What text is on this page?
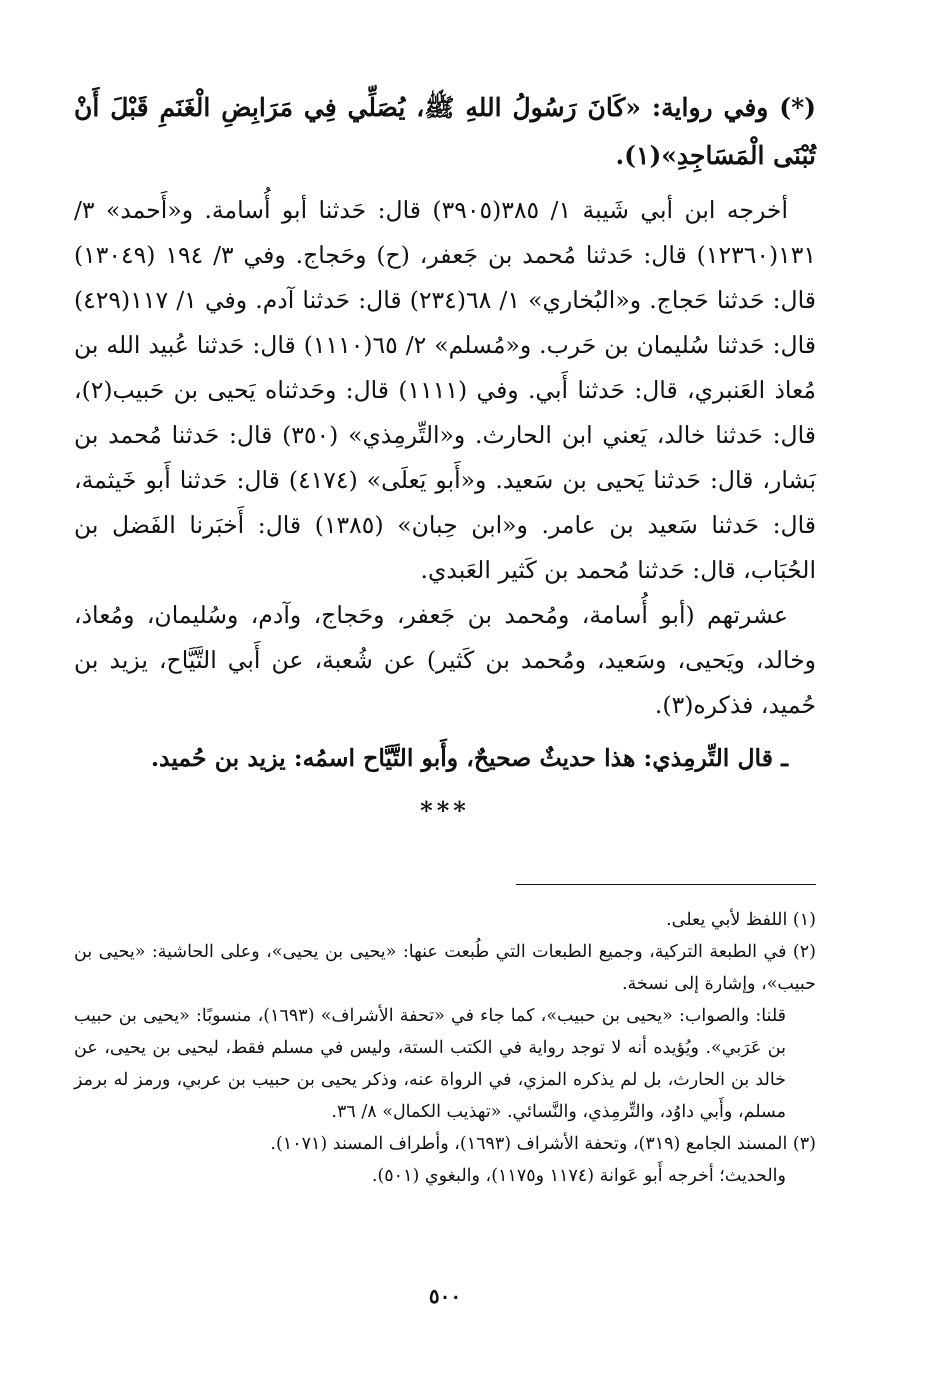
(*) وفي رواية: «كَانَ رَسُولُ اللهِ ﷺ، يُصَلِّي فِي مَرَابِضِ الْغَنَمِ قَبْلَ أَنْ تُبْنَى الْمَسَاجِدِ»(١).

أخرجه ابن أبي شَيبة ١/ ٣٨٥(٣٩٠٥) قال: حَدثنا أبو أُسامة. و«أَحمد» ٣/ ١٣١(١٢٣٦٠) قال: حَدثنا مُحمد بن جَعفر، (ح) وحَجاج. وفي ٣/ ١٩٤ (١٣٠٤٩) قال: حَدثنا حَجاج. و«البُخاري» ١/ ٦٨(٢٣٤) قال: حَدثنا آدم. وفي ١/ ١١٧(٤٢٩) قال: حَدثنا سُليمان بن حَرب. و«مُسلم» ٢/ ٦٥(١١١٠) قال: حَدثنا عُبيد الله بن مُعاذ العَنبري، قال: حَدثنا أَبي. وفي (١١١١) قال: وحَدثناه يَحيى بن حَبيب(٢)، قال: حَدثنا خالد، يَعني ابن الحارث. و«التِّرمِذي» (٣٥٠) قال: حَدثنا مُحمد بن بَشار، قال: حَدثنا يَحيى بن سَعيد. و«أَبو يَعلَى» (٤١٧٤) قال: حَدثنا أَبو خَيثمة، قال: حَدثنا سَعيد بن عامر. و«ابن حِبان» (١٣٨٥) قال: أَخبَرنا الفَضل بن الحُبَاب، قال: حَدثنا مُحمد بن كَثير العَبدي.

عشرتهم (أبو أُسامة، ومُحمد بن جَعفر، وحَجاج، وآدم، وسُليمان، ومُعاذ، وخالد، ويَحيى، وسَعيد، ومُحمد بن كَثير) عن شُعبة، عن أَبي التَّيَّاح، يزيد بن حُميد، فذكره(٣).

ـ قال التِّرمِذي: هذا حديثٌ صحيحٌ، وأَبو التَّيَّاح اسمُه: يزيد بن حُميد.

***

(١) اللفظ لأبي يعلى.

(٢) في الطبعة التركية، وجميع الطبعات التي طُبعت عنها: «يحيى بن يحيى»، وعلى الحاشية: «يحيى بن حبيب»، وإشارة إلى نسخة.

قلنا: والصواب: «يحيى بن حبيب»، كما جاء في «تحفة الأشراف» (١٦٩٣)، منسوبًا: «يحيى بن حبيب بن عَرَبي». ويُؤيده أنه لا توجد رواية في الكتب الستة، وليس في مسلم فقط، ليحيى بن يحيى، عن خالد بن الحارث، بل لم يذكره المزي، في الرواة عنه، وذكر يحيى بن حبيب بن عربي، ورمز له برمز مسلم، وأَبي داوُد، والتِّرمِذي، والنَّسائي. «تهذيب الكمال» ٨/ ٣٦.

(٣) المسند الجامع (٣١٩)، وتحفة الأشراف (١٦٩٣)، وأطراف المسند (١٠٧١).

والحديث؛ أخرجه أَبو عَوانة (١١٧٤ و١١٧٥)، والبغوي (٥٠١).

٥٠٠
